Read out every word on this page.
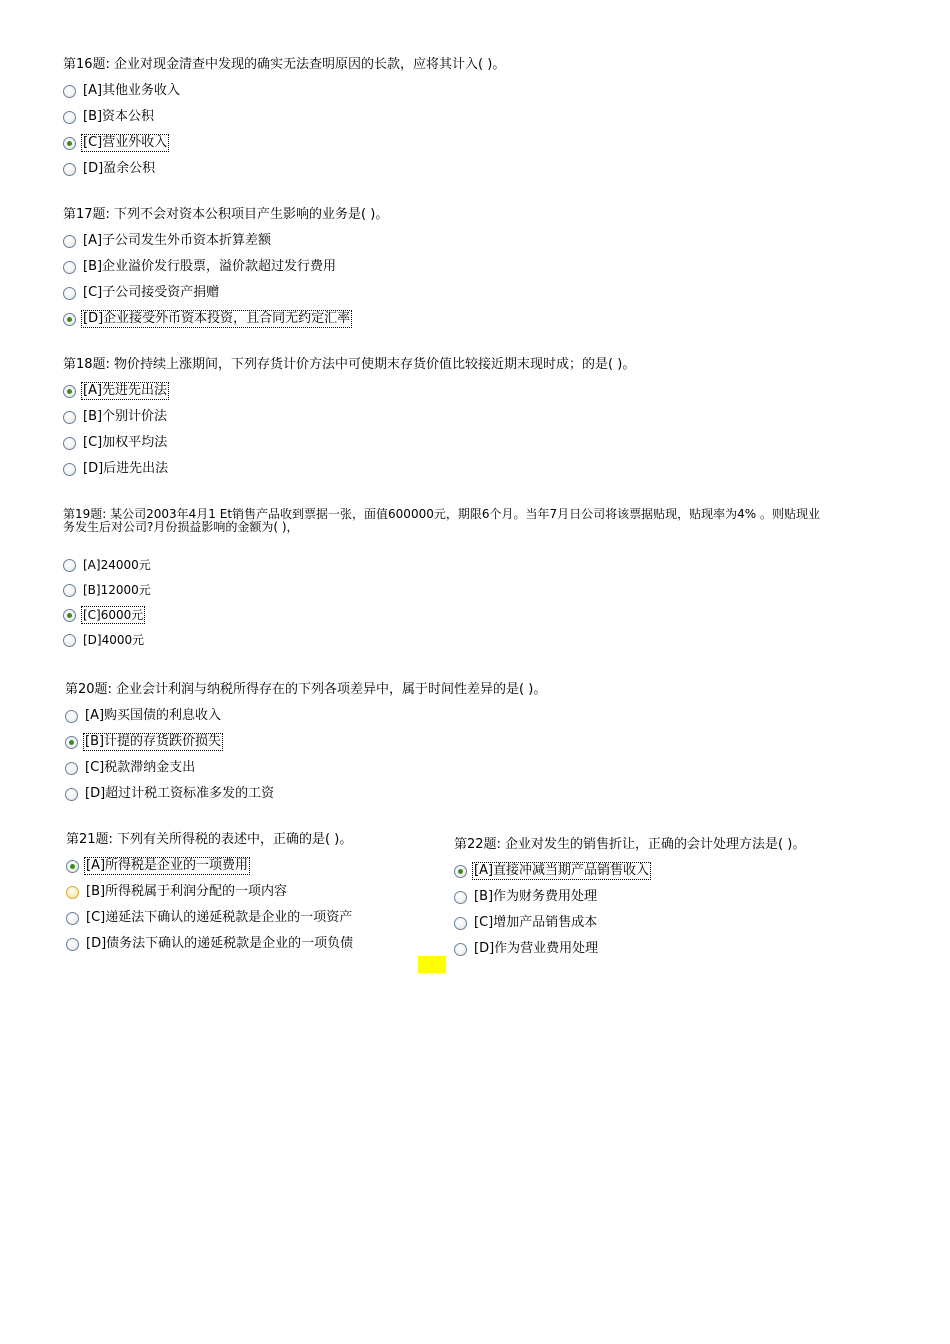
第16题: 企业对现金清查中发现的确实无法查明原因的长款，应将其计入( )。
[A]其他业务收入
[B]资本公积
[C]营业外收入
[D]盈余公积
第17题: 下列不会对资本公积项目产生影响的业务是( )。
[A]子公司发生外币资本折算差额
[B]企业溢价发行股票，溢价款超过发行费用
[C]子公司接受资产捐赠
[D]企业接受外币资本投资，且合同无约定汇率
第18题: 物价持续上涨期间，下列存货计价方法中可使期末存货价值比较接近期末现时成；的是( )。
[A]先进先出法
[B]个别计价法
[C]加权平均法
[D]后进先出法
第19题: 某公司2003年4月1 Et销售产品收到票据一张，面值600000元，期限6个月。当年7月日公司将该票据贴现，贴现率为4% 。则贴现业务发生后对公司?月份损益影响的金额为( )，
[A]24000元
[B]12000元
[C]6000元
[D]4000元
第20题: 企业会计利润与纳税所得存在的下列各项差异中，属于时间性差异的是( )。
[A]购买国债的利息收入
[B]计提的存货跌价损失
[C]税款滞纳金支出
[D]超过计税工资标准多发的工资
第21题: 下列有关所得税的表述中，正确的是( )。
[A]所得税是企业的一项费用
[B]所得税属于利润分配的一项内容
[C]递延法下确认的递延税款是企业的一项资产
[D]债务法下确认的递延税款是企业的一项负债
第22题: 企业对发生的销售折让，正确的会计处理方法是( )。
[A]直接冲减当期产品销售收入
[B]作为财务费用处理
[C]增加产品销售成本
[D]作为营业费用处理
